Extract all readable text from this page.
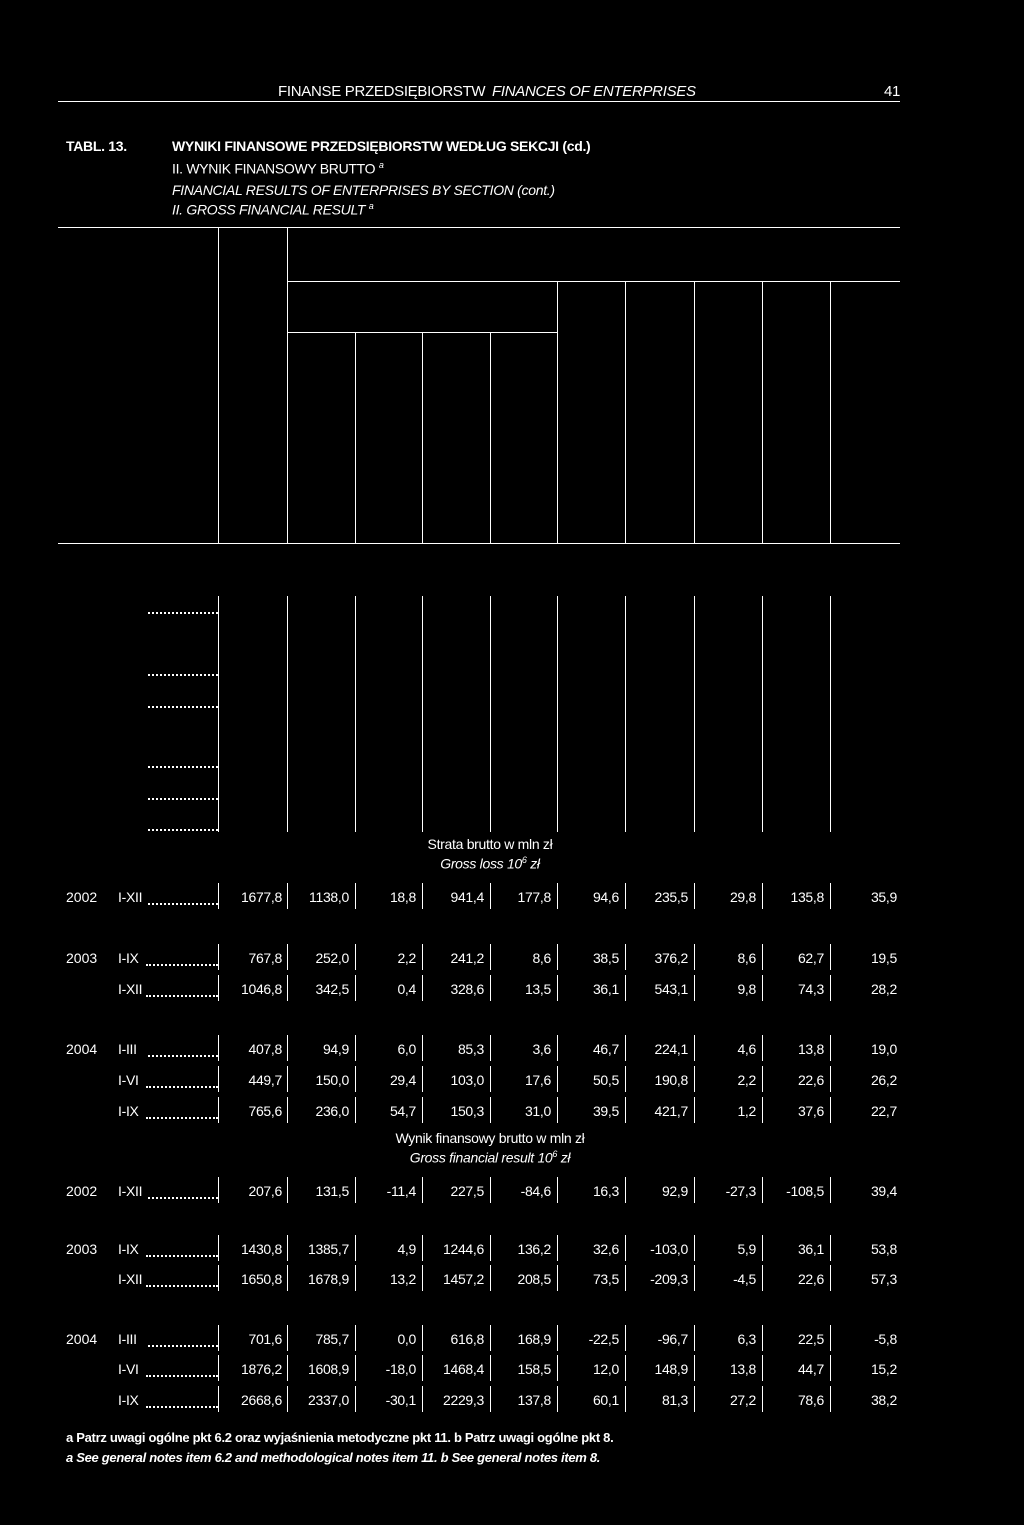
FINANSE PRZEDSIĘBIORSTW FINANCES OF ENTERPRISES	41
TABL. 13.	WYNIKI FINANSOWE PRZEDSIĘBIORSTW WEDŁUG SEKCJI (cd.)
II. WYNIK FINANSOWY BRUTTO $^a$
FINANCIAL RESULTS OF ENTERPRISES BY SECTION (cont.)
II. GROSS FINANCIAL RESULT $^a$
Strata brutto w mln zł
Gross loss $10^6$ zł
2002 I-XII	1677,8	1138,0	18,8	941,4	177,8	94,6	235,5	29,8	135,8	35,9
2003 I-IX	767,8	252,0	2,2	241,2	8,6	38,5	376,2	8,6	62,7	19,5
I-XII	1046,8	342,5	0,4	328,6	13,5	36,1	543,1	9,8	74,3	28,2
2004 I-III	407,8	94,9	6,0	85,3	3,6	46,7	224,1	4,6	13,8	19,0
I-VI	449,7	150,0	29,4	103,0	17,6	50,5	190,8	2,2	22,6	26,2
I-IX	765,6	236,0	54,7	150,3	31,0	39,5	421,7	1,2	37,6	22,7
Wynik finansowy brutto w mln zł
Gross financial result $10^6$ zł
2002 I-XII	207,6	131,5	-11,4	227,5	-84,6	16,3	92,9	-27,3	-108,5	39,4
2003 I-IX	1430,8	1385,7	4,9	1244,6	136,2	32,6	-103,0	5,9	36,1	53,8
I-XII	1650,8	1678,9	13,2	1457,2	208,5	73,5	-209,3	-4,5	22,6	57,3
2004 I-III	701,6	785,7	0,0	616,8	168,9	-22,5	-96,7	6,3	22,5	-5,8
I-VI	1876,2	1608,9	-18,0	1468,4	158,5	12,0	148,9	13,8	44,7	15,2
I-IX	2668,6	2337,0	-30,1	2229,3	137,8	60,1	81,3	27,2	78,6	38,2
a Patrz uwagi ogólne pkt 6.2 oraz wyjaśnienia metodyczne pkt 11. b Patrz uwagi ogólne pkt 8.
a See general notes item 6.2 and methodological notes item 11. b See general notes item 8.
